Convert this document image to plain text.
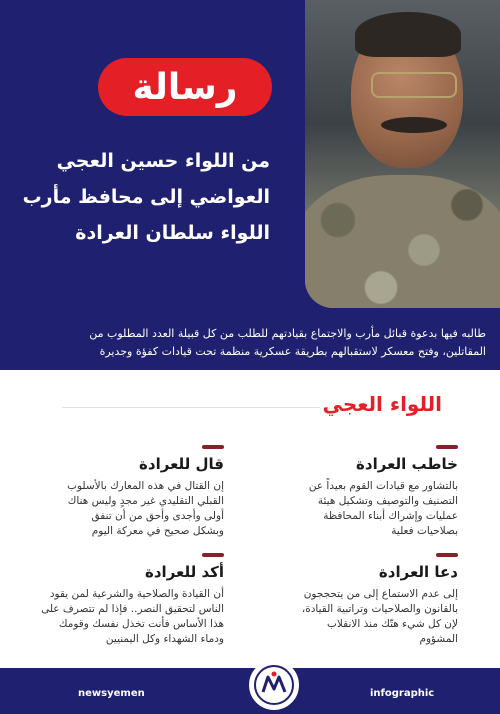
رسالة
من اللواء حسين العجي
العواضي إلى محافظ مأرب
اللواء سلطان العرادة
طالبه فيها بدعوة قبائل مأرب والاجتماع بقيادتهم للطلب من كل قبيلة العدد المطلوب من
المقاتلين، وفتح معسكر لاستقبالهم بطريقة عسكرية منظمة تحت قيادات كفؤة وجديرة
اللواء العجي
قال للعرادة
إن القتال في هذه المعارك بالأسلوب
القبلي التقليدي غير مجدٍ وليس هناك
أولى وأجدى وأحق من أن تنفق
وبشكل صحيح في معركة اليوم
أكد للعرادة
أن القيادة والصلاحية والشرعية لمن يقود
الناس لتحقيق النصر.. فإذا لم تتصرف على
هذا الأساس فأنت تخذل نفسك وقومك
ودماء الشهداء وكل اليمنيين
خاطب العرادة
بالتشاور مع قيادات القوم بعيداً عن
التصنيف والتوصيف وتشكيل هيئة
عمليات وإشراك أبناء المحافظة
بصلاحيات فعلية
دعا العرادة
إلى عدم الاستماع إلى من يتحججون
بالقانون والصلاحيات وتراتبية القيادة،
لإن كل شيء هتّك منذ الانقلاب
المشؤوم
newsyemen	infographic
